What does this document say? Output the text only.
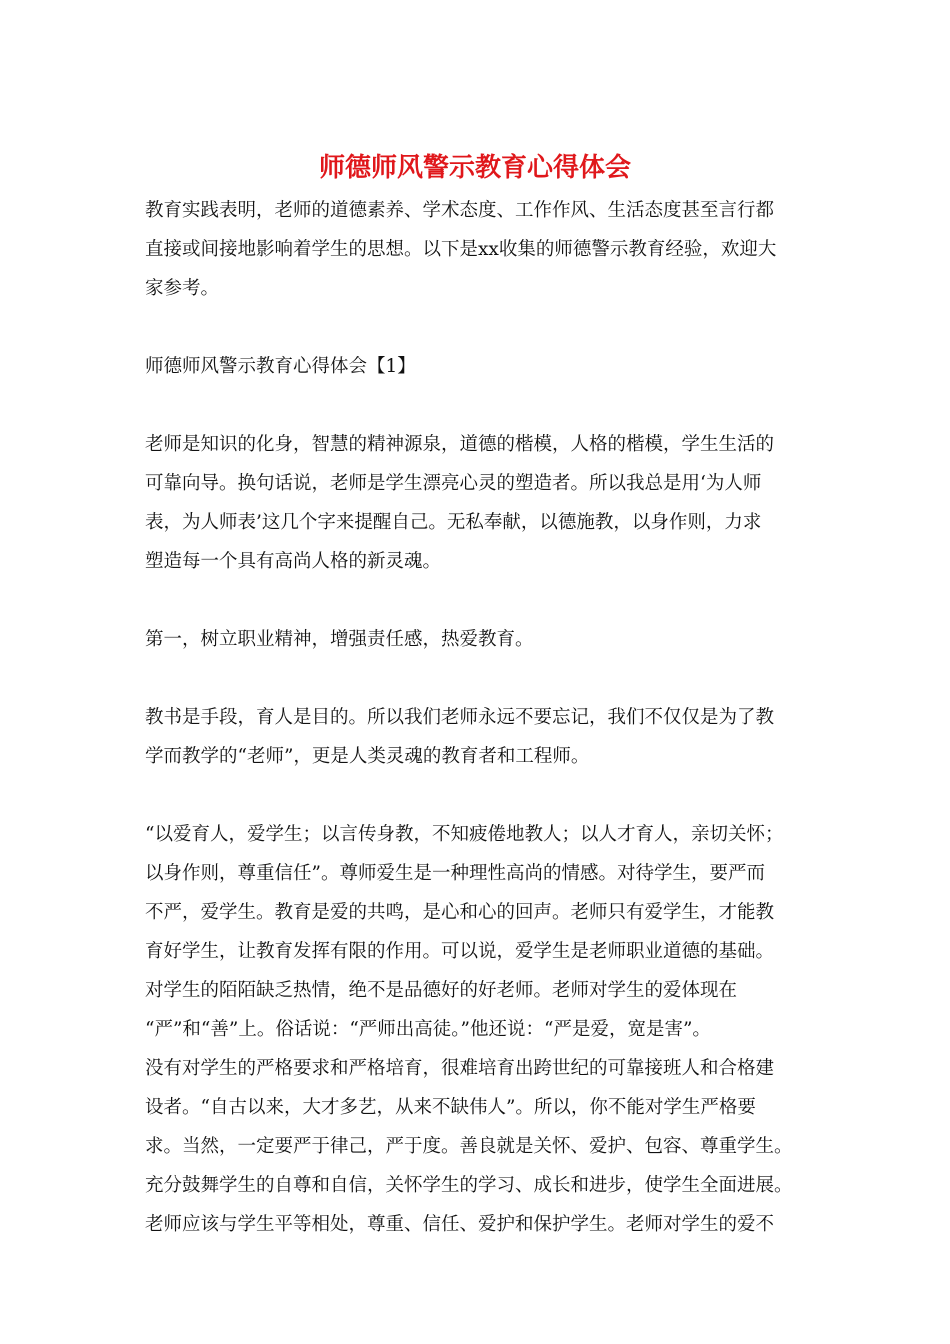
师德师风警示教育心得体会
教育实践表明，老师的道德素养、学术态度、工作作风、生活态度甚至言行都
直接或间接地影响着学生的思想。以下是xx收集的师德警示教育经验，欢迎大
家参考。
师德师风警示教育心得体会【1】
老师是知识的化身，智慧的精神源泉，道德的楷模，人格的楷模，学生生活的
可靠向导。换句话说，老师是学生漂亮心灵的塑造者。所以我总是用‘为人师
表，为人师表’这几个字来提醒自己。无私奉献，以德施教，以身作则，力求
塑造每一个具有高尚人格的新灵魂。
第一，树立职业精神，增强责任感，热爱教育。
教书是手段，育人是目的。所以我们老师永远不要忘记，我们不仅仅是为了教
学而教学的“老师”，更是人类灵魂的教育者和工程师。
“以爱育人，爱学生；以言传身教，不知疲倦地教人；以人才育人，亲切关怀；
以身作则，尊重信任”。尊师爱生是一种理性高尚的情感。对待学生，要严而
不严，爱学生。教育是爱的共鸣，是心和心的回声。老师只有爱学生，才能教
育好学生，让教育发挥有限的作用。可以说，爱学生是老师职业道德的基础。
对学生的陌陌缺乏热情，绝不是品德好的好老师。老师对学生的爱体现在
“严”和“善”上。俗话说：“严师出高徒。”他还说：“严是爱，宽是害”。
没有对学生的严格要求和严格培育，很难培育出跨世纪的可靠接班人和合格建
设者。“自古以来，大才多艺，从来不缺伟人”。所以，你不能对学生严格要
求。当然，一定要严于律己，严于度。善良就是关怀、爱护、包容、尊重学生。
充分鼓舞学生的自尊和自信，关怀学生的学习、成长和进步，使学生全面进展。
老师应该与学生平等相处，尊重、信任、爱护和保护学生。老师对学生的爱不
